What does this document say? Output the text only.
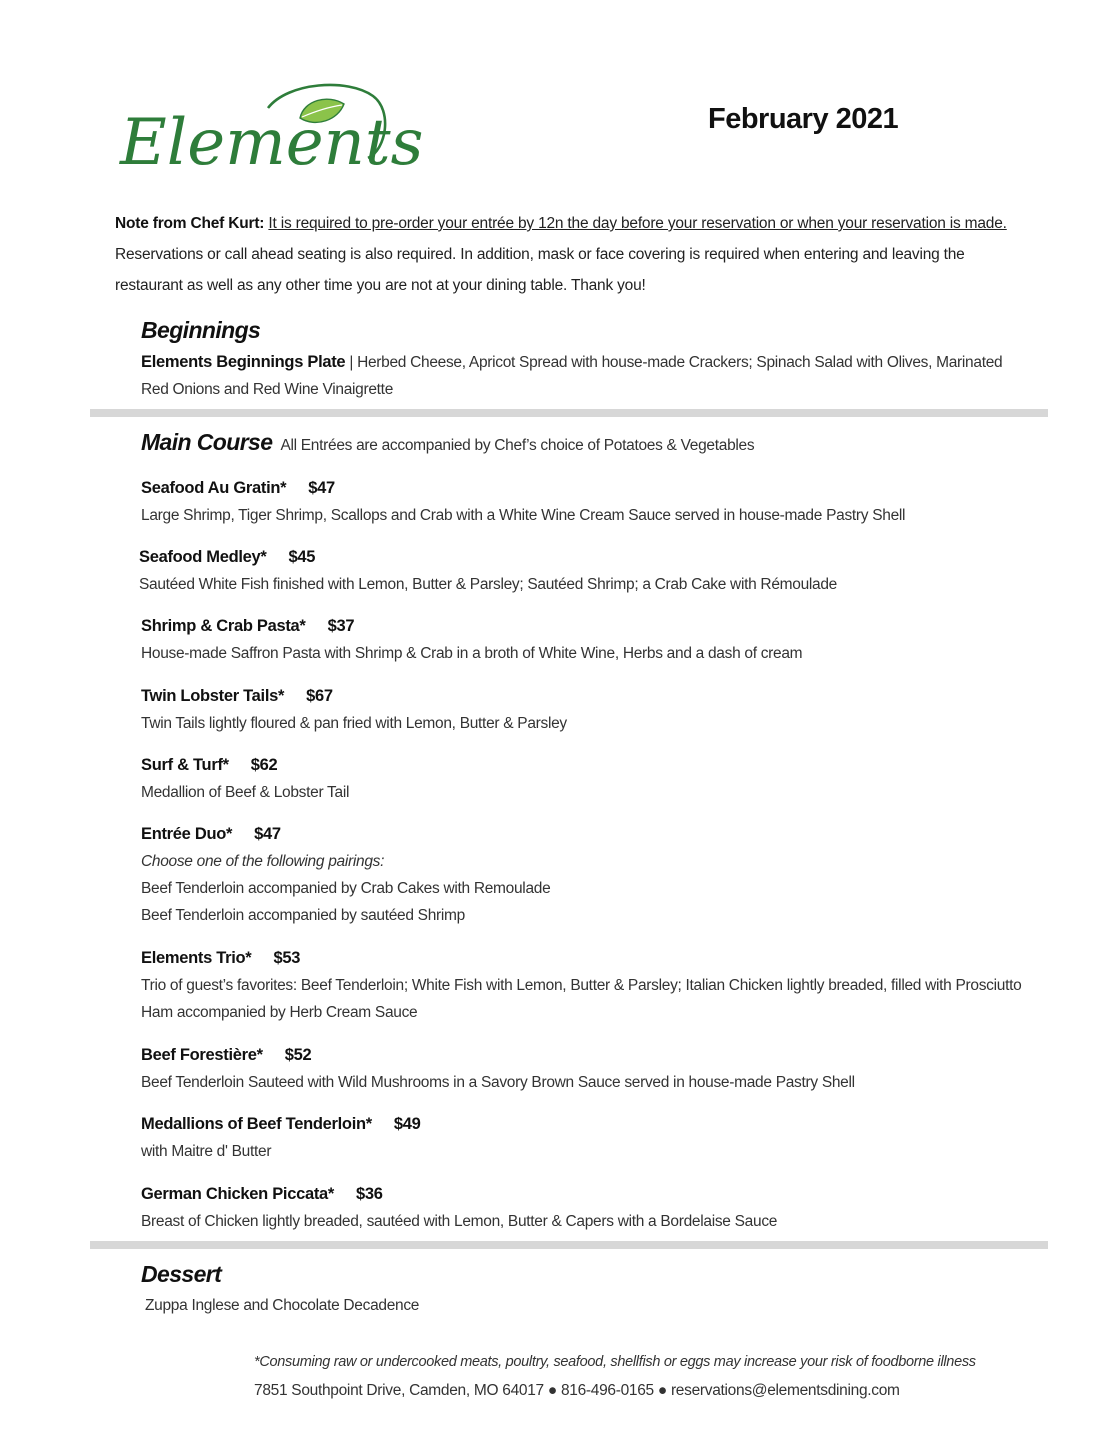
Elements	February 2021
Note from Chef Kurt: It is required to pre-order your entrée by 12n the day before your reservation or when your reservation is made. Reservations or call ahead seating is also required. In addition, mask or face covering is required when entering and leaving the restaurant as well as any other time you are not at your dining table. Thank you!
Beginnings
Elements Beginnings Plate | Herbed Cheese, Apricot Spread with house-made Crackers; Spinach Salad with Olives, Marinated Red Onions and Red Wine Vinaigrette
Main Course All Entrées are accompanied by Chef’s choice of Potatoes & Vegetables
Seafood Au Gratin* $47
Large Shrimp, Tiger Shrimp, Scallops and Crab with a White Wine Cream Sauce served in house-made Pastry Shell
Seafood Medley* $45
Sautéed White Fish finished with Lemon, Butter & Parsley; Sautéed Shrimp; a Crab Cake with Rémoulade
Shrimp & Crab Pasta* $37
House-made Saffron Pasta with Shrimp & Crab in a broth of White Wine, Herbs and a dash of cream
Twin Lobster Tails* $67
Twin Tails lightly floured & pan fried with Lemon, Butter & Parsley
Surf & Turf* $62
Medallion of Beef & Lobster Tail
Entrée Duo* $47
Choose one of the following pairings:
Beef Tenderloin accompanied by Crab Cakes with Remoulade
Beef Tenderloin accompanied by sautéed Shrimp
Elements Trio* $53
Trio of guest’s favorites: Beef Tenderloin; White Fish with Lemon, Butter & Parsley; Italian Chicken lightly breaded, filled with Prosciutto Ham accompanied by Herb Cream Sauce
Beef Forestière* $52
Beef Tenderloin Sauteed with Wild Mushrooms in a Savory Brown Sauce served in house-made Pastry Shell
Medallions of Beef Tenderloin* $49
with Maitre d' Butter
German Chicken Piccata* $36
Breast of Chicken lightly breaded, sautéed with Lemon, Butter & Capers with a Bordelaise Sauce
Dessert
Zuppa Inglese and Chocolate Decadence
*Consuming raw or undercooked meats, poultry, seafood, shellfish or eggs may increase your risk of foodborne illness
7851 Southpoint Drive, Camden, MO 64017 ● 816-496-0165 ● reservations@elementsdining.com
